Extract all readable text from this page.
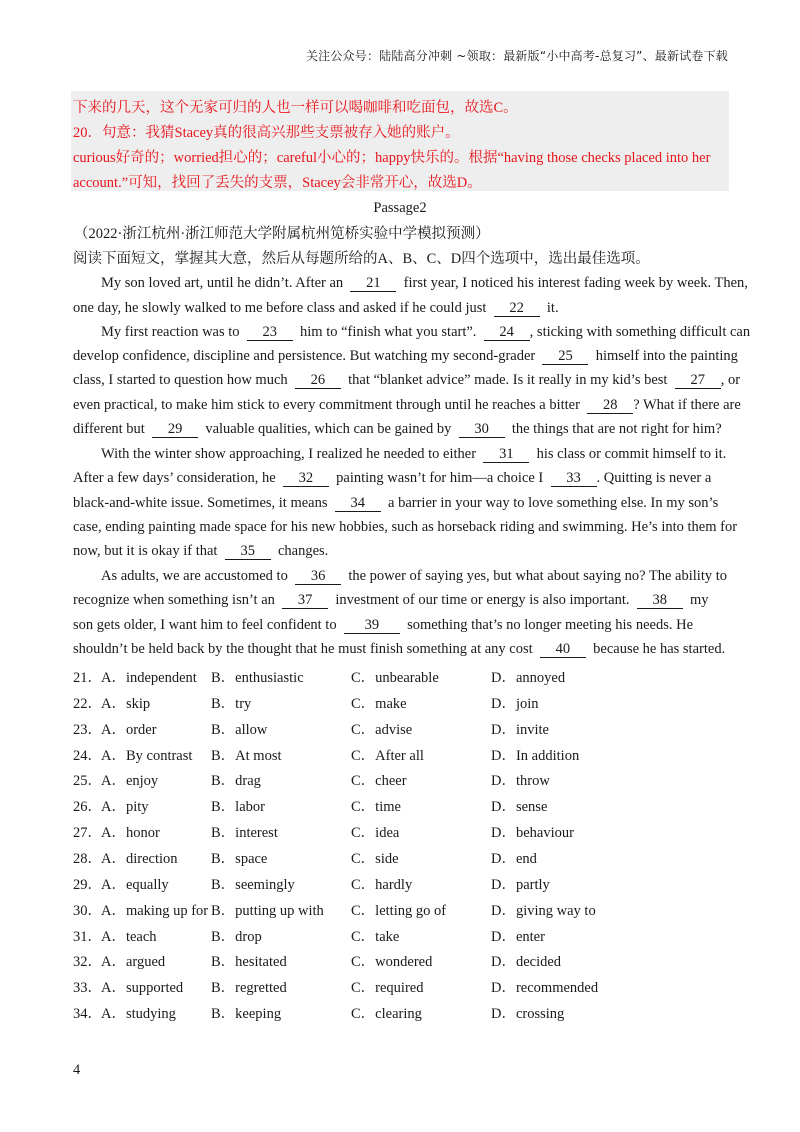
关注公众号：陆陆高分冲刺 ~领取：最新版“小中高考-总复习”、最新试卷下载
下来的几天，这个无家可归的人也一样可以喝咖啡和吃面包，故选C。
20．句意：我猜Stacey真的很高兴那些支票被存入她的账户。
curious好奇的；worried担心的；careful小心的；happy快乐的。根据“having those checks placed into her
account.”可知，找回了丢失的支票，Stacey会非常开心，故选D。
Passage2
（2022·浙江杭州·浙江师范大学附属杭州笕桥实验中学模拟预测）
阅读下面短文，掌握其大意，然后从每题所给的A、B、C、D四个选项中，选出最佳选项。
My son loved art, until he didn’t. After an 21 first year, I noticed his interest fading week by week. Then,
one day, he slowly walked to me before class and asked if he could just 22 it.
My first reaction was to 23 him to “finish what you start”. 24 , sticking with something difficult can
develop confidence, discipline and persistence. But watching my second-grader 25 himself into the painting
class, I started to question how much 26 that “blanket advice” made. Is it really in my kid’s best 27 , or
even practical, to make him stick to every commitment through until he reaches a bitter 28 ? What if there are
different but 29 valuable qualities, which can be gained by 30 the things that are not right for him?
With the winter show approaching, I realized he needed to either 31 his class or commit himself to it.
After a few days’ consideration, he 32 painting wasn’t for him—a choice I 33 . Quitting is never a
black-and-white issue. Sometimes, it means 34 a barrier in your way to love something else. In my son’s
case, ending painting made space for his new hobbies, such as horseback riding and swimming. He’s into them for
now, but it is okay if that 35 changes.
As adults, we are accustomed to 36 the power of saying yes, but what about saying no? The ability to
recognize when something isn’t an 37 investment of our time or energy is also important. 38 my
son gets older, I want him to feel confident to 39 something that’s no longer meeting his needs. He
shouldn’t be held back by the thought that he must finish something at any cost 40 because he has started.
21． A．independent B．enthusiastic	C．unbearable	D．annoyed
22． A．skip	B．try	C．make	D．join
23． A．order	B．allow	C．advise	D．invite
24． A．By contrast B．At most	C．After all	D．In addition
25． A．enjoy	B．drag	C．cheer	D．throw
26． A．pity	B．labor	C．time	D．sense
27． A．honor	B．interest	C．idea	D．behaviour
28． A．direction B．space	C．side	D．end
29． A．equally	B．seemingly	C．hardly	D．partly
30． A．making up for B．putting up with C．letting go of	D．giving way to
31． A．teach	B．drop	C．take	D．enter
32． A．argued	B．hesitated	C．wondered	D．decided
33． A．supported B．regretted	C．required	D．recommended
34． A．studying B．keeping	C．clearing	D．crossing
4
